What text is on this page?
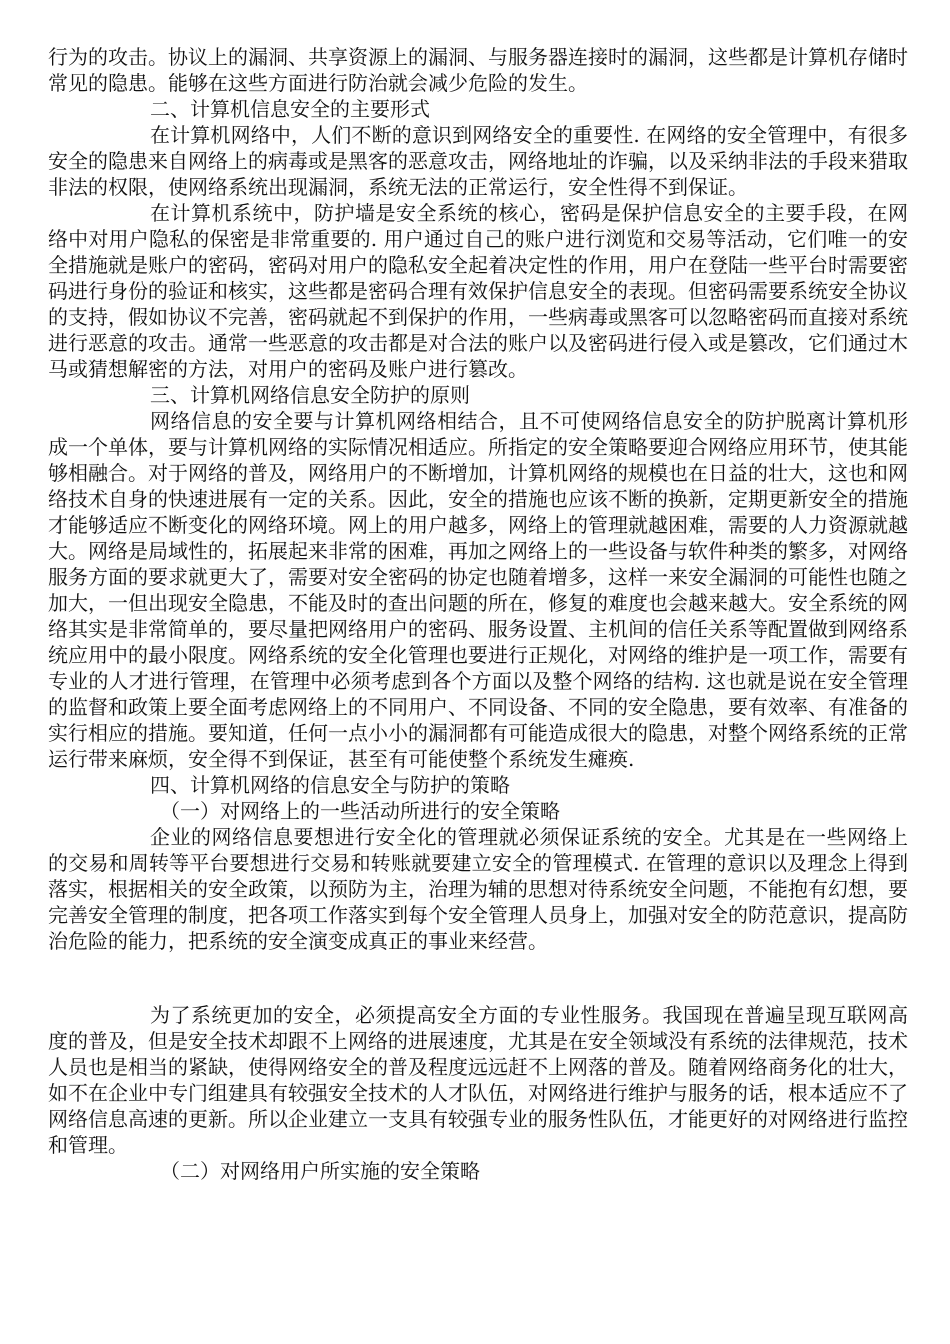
行为的攻击。协议上的漏洞、共享资源上的漏洞、与服务器连接时的漏洞，这些都是计算机存储时常见的隐患。能够在这些方面进行防治就会减少危险的发生。

二、计算机信息安全的主要形式

在计算机网络中，人们不断的意识到网络安全的重要性. 在网络的安全管理中，有很多安全的隐患来自网络上的病毒或是黑客的恶意攻击，网络地址的诈骗，以及采纳非法的手段来猎取非法的权限，使网络系统出现漏洞，系统无法的正常运行，安全性得不到保证。

在计算机系统中，防护墙是安全系统的核心，密码是保护信息安全的主要手段，在网络中对用户隐私的保密是非常重要的. 用户通过自己的账户进行浏览和交易等活动，它们唯一的安全措施就是账户的密码，密码对用户的隐私安全起着决定性的作用，用户在登陆一些平台时需要密码进行身份的验证和核实，这些都是密码合理有效保护信息安全的表现。但密码需要系统安全协议的支持，假如协议不完善，密码就起不到保护的作用，一些病毒或黑客可以忽略密码而直接对系统进行恶意的攻击。通常一些恶意的攻击都是对合法的账户以及密码进行侵入或是篡改，它们通过木马或猜想解密的方法，对用户的密码及账户进行篡改。

三、计算机网络信息安全防护的原则

网络信息的安全要与计算机网络相结合，且不可使网络信息安全的防护脱离计算机形成一个单体，要与计算机网络的实际情况相适应。所指定的安全策略要迎合网络应用环节，使其能够相融合。对于网络的普及，网络用户的不断增加，计算机网络的规模也在日益的壮大，这也和网络技术自身的快速进展有一定的关系。因此，安全的措施也应该不断的换新，定期更新安全的措施才能够适应不断变化的网络环境。网上的用户越多，网络上的管理就越困难，需要的人力资源就越大。网络是局域性的，拓展起来非常的困难，再加之网络上的一些设备与软件种类的繁多，对网络服务方面的要求就更大了，需要对安全密码的协定也随着增多，这样一来安全漏洞的可能性也随之加大，一但出现安全隐患，不能及时的查出问题的所在，修复的难度也会越来越大。安全系统的网络其实是非常简单的，要尽量把网络用户的密码、服务设置、主机间的信任关系等配置做到网络系统应用中的最小限度。网络系统的安全化管理也要进行正规化，对网络的维护是一项工作，需要有专业的人才进行管理，在管理中必须考虑到各个方面以及整个网络的结构. 这也就是说在安全管理的监督和政策上要全面考虑网络上的不同用户、不同设备、不同的安全隐患，要有效率、有准备的实行相应的措施。要知道，任何一点小小的漏洞都有可能造成很大的隐患，对整个网络系统的正常运行带来麻烦，安全得不到保证，甚至有可能使整个系统发生瘫痪.

四、计算机网络的信息安全与防护的策略

（一）对网络上的一些活动所进行的安全策略

企业的网络信息要想进行安全化的管理就必须保证系统的安全。尤其是在一些网络上的交易和周转等平台要想进行交易和转账就要建立安全的管理模式. 在管理的意识以及理念上得到落实，根据相关的安全政策，以预防为主，治理为辅的思想对待系统安全问题，不能抱有幻想，要完善安全管理的制度，把各项工作落实到每个安全管理人员身上，加强对安全的防范意识，提高防治危险的能力，把系统的安全演变成真正的事业来经营。

为了系统更加的安全，必须提高安全方面的专业性服务。我国现在普遍呈现互联网高度的普及，但是安全技术却跟不上网络的进展速度，尤其是在安全领域没有系统的法律规范，技术人员也是相当的紧缺，使得网络安全的普及程度远远赶不上网落的普及。随着网络商务化的壮大，如不在企业中专门组建具有较强安全技术的人才队伍，对网络进行维护与服务的话，根本适应不了网络信息高速的更新。所以企业建立一支具有较强专业的服务性队伍，才能更好的对网络进行监控和管理。

（二）对网络用户所实施的安全策略
